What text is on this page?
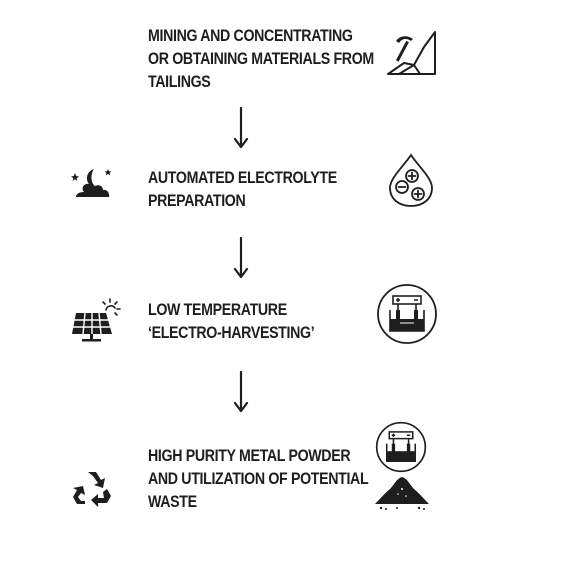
MINING AND CONCENTRATING
OR OBTAINING MATERIALS FROM
TAILINGS
AUTOMATED ELECTROLYTE
PREPARATION
LOW TEMPERATURE
‘ELECTRO-HARVESTING’
HIGH PURITY METAL POWDER
AND UTILIZATION OF POTENTIAL
WASTE
